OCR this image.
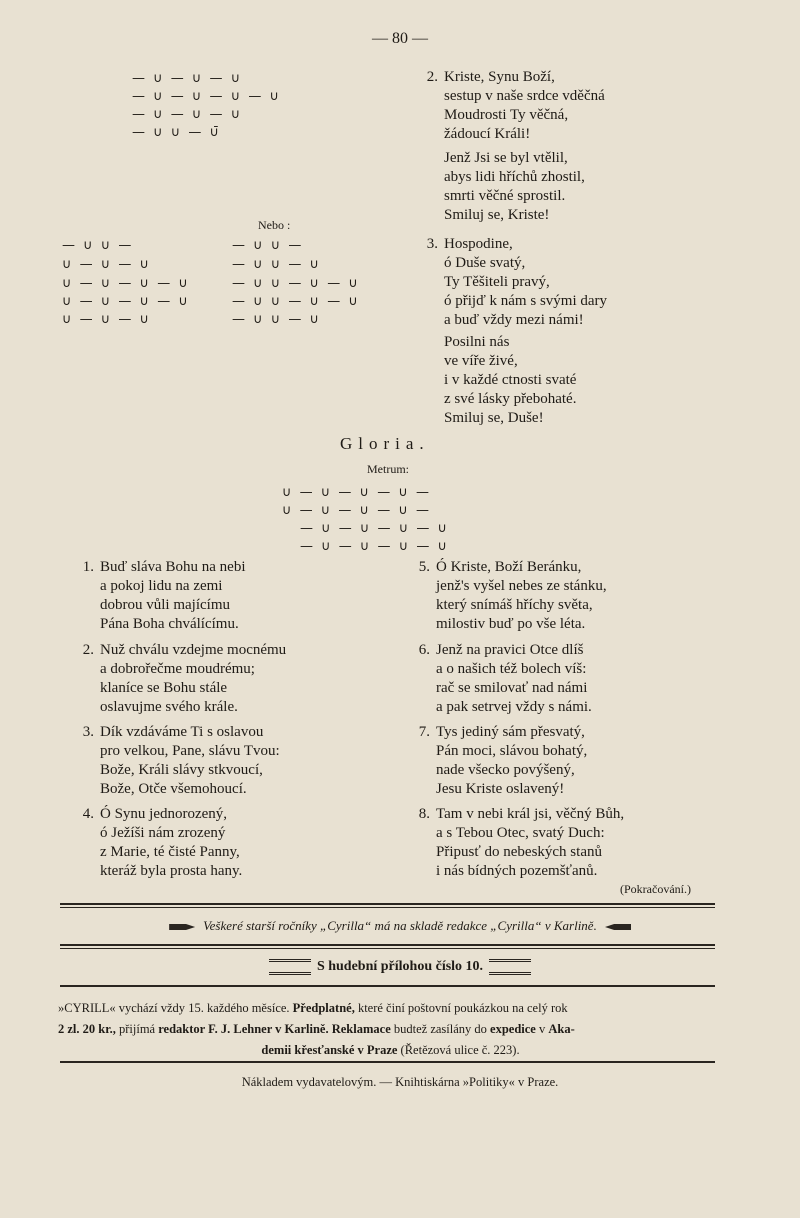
— 80 —
— ∪ — ∪ — ∪
— ∪ — ∪ — ∪ — ∪
— ∪ — ∪ — ∪
— ∪ ∪ — ∪̄
Nebo :
— ∪ ∪ —
∪ — ∪ — ∪
∪ — ∪ — ∪ — ∪
∪ — ∪ — ∪ — ∪
∪ — ∪ — ∪
— ∪ ∪ —
— ∪ ∪ — ∪
— ∪ ∪ — ∪ — ∪
— ∪ ∪ — ∪ — ∪
— ∪ ∪ — ∪
2. Kriste, Synu Boží,
sestup v naše srdce vděčná
Moudrosti Ty věčná,
žádoucí Králi!
Jenž Jsi se byl vtělil,
abys lidi hříchů zhostil,
smrti věčné sprostil.
Smiluj se, Kriste!
3. Hospodine,
ó Duše svatý,
Ty Těšiteli pravý,
ó přijď k nám s svými dary
a buď vždy mezi námi!
Posilni nás
ve víře živé,
i v každé ctnosti svaté
z své lásky přebohaté.
Smiluj se, Duše!
Gloria.
Metrum:
∪ — ∪ — ∪ — ∪ —
∪ — ∪ — ∪ — ∪ —
— ∪ — ∪ — ∪ — ∪
— ∪ — ∪ — ∪ — ∪
1. Buď sláva Bohu na nebi
a pokoj lidu na zemi
dobrou vůli majícímu
Pána Boha chválícímu.
2. Nuž chválu vzdejme mocnému
a dobrořečme moudrému;
klaníce se Bohu stále
oslavujme svého krále.
3. Dík vzdáváme Ti s oslavou
pro velkou, Pane, slávu Tvou:
Bože, Králi slávy stkvoucí,
Bože, Otče všemohoucí.
4. Ó Synu jednorozený,
ó Ježíši nám zrozený
z Marie, té čisté Panny,
kteráž byla prosta hany.
5. Ó Kriste, Boží Beránku,
jenž's vyšel nebes ze stánku,
který snímáš hříchy světa,
milostiv buď po vše léta.
6. Jenž na pravici Otce dlíš
a o našich též bolech víš:
rač se smilovať nad námi
a pak setrvej vždy s námi.
7. Tys jediný sám přesvatý,
Pán moci, slávou bohatý,
nade všecko povýšený,
Jesu Kriste oslavený!
8. Tam v nebi král jsi, věčný Bůh,
a s Tebou Otec, svatý Duch:
Připusť do nebeských stanů
i nás bídných pozemšťanů.
(Pokračování.)
Veškeré starší ročníky „Cyrilla“ má na skladě redakce „Cyrilla“ v Karlině.
S hudební přílohou číslo 10.
»CYRILL« vychází vždy 15. každého měsíce. Předplatné, které činí poštovní poukázkou na celý rok
2 zl. 20 kr., přijímá redaktor F. J. Lehner v Karlině. Reklamace budtež zasílány do expedice v Aka-
demii křesťanské v Praze (Řetězová ulice č. 223).
Nákladem vydavatelovým. — Knihtiskárna »Politiky« v Praze.
